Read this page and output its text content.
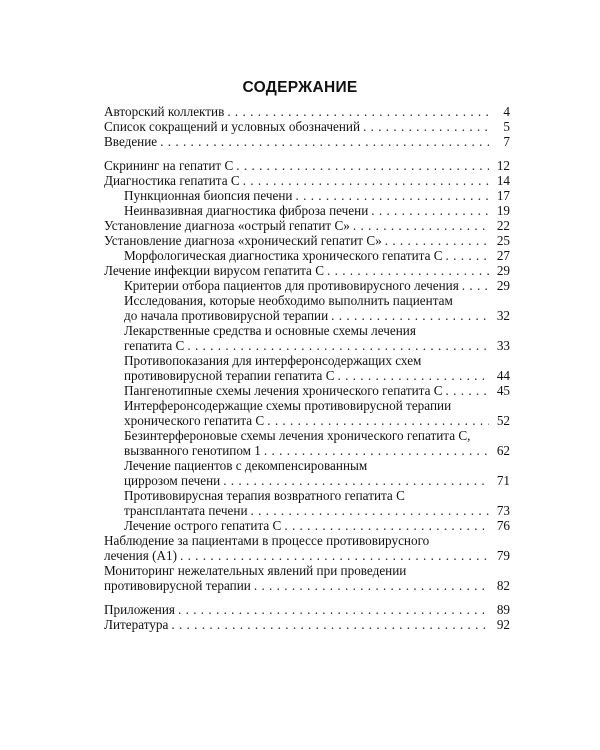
СОДЕРЖАНИЕ
Авторский коллектив . . .	4
Список сокращений и условных обозначений . . .	5
Введение . . .	7
Скрининг на гепатит С . . .	12
Диагностика гепатита С . . .	14
Пункционная биопсия печени . . .	17
Неинвазивная диагностика фиброза печени . . .	19
Установление диагноза «острый гепатит С» . . .	22
Установление диагноза «хронический гепатит С» . . .	25
Морфологическая диагностика хронического гепатита С . . .	27
Лечение инфекции вирусом гепатита С . . .	29
Критерии отбора пациентов для противовирусного лечения . . .	29
Исследования, которые необходимо выполнить пациентам
до начала противовирусной терапии . . .	32
Лекарственные средства и основные схемы лечения
гепатита С . . .	33
Противопоказания для интерферонсодержащих схем
противовирусной терапии гепатита С . . .	44
Пангенотипные схемы лечения хронического гепатита С . . .	45
Интерферонсодержащие схемы противовирусной терапии
хронического гепатита С . . .	52
Безинтерфероновые схемы лечения хронического гепатита С,
вызванного генотипом 1 . . .	62
Лечение пациентов с декомпенсированным
циррозом печени . . .	71
Противовирусная терапия возвратного гепатита С
трансплантата печени . . .	73
Лечение острого гепатита С . . .	76
Наблюдение за пациентами в процессе противовирусного
лечения (А1) . . .	79
Мониторинг нежелательных явлений при проведении
противовирусной терапии . . .	82
Приложения . . .	89
Литература . . .	92
